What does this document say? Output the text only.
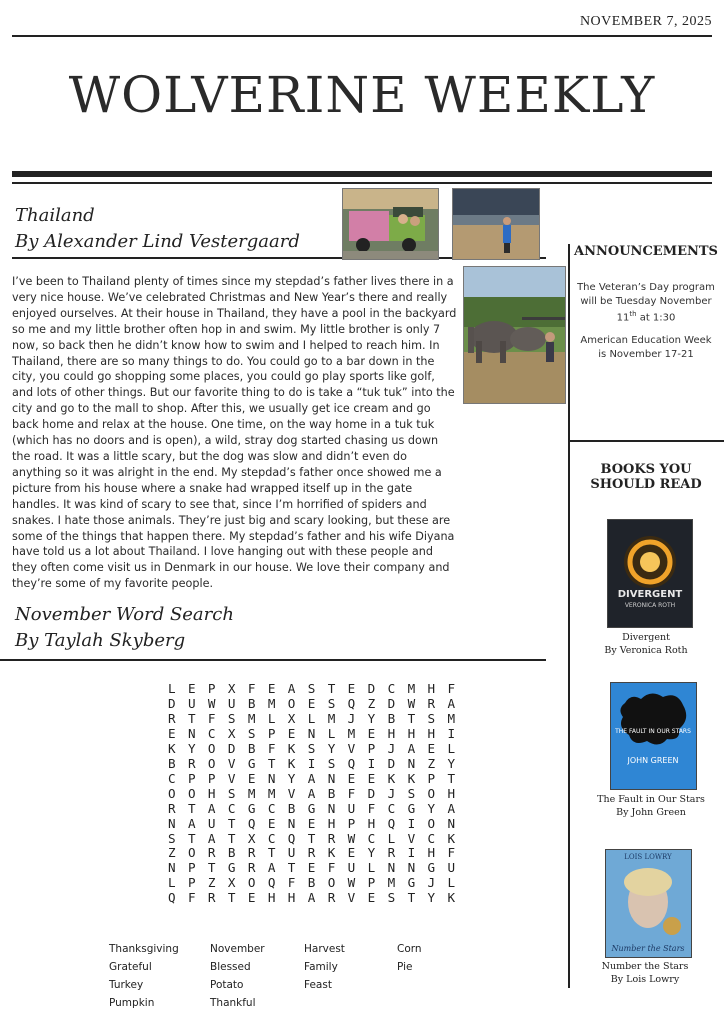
NOVEMBER 7, 2025
WOLVERINE WEEKLY
Thailand
By Alexander Lind Vestergaard
I’ve been to Thailand plenty of times since my stepdad’s father lives there in a very nice house. We’ve celebrated Christmas and New Year’s there and really enjoyed ourselves. At their house in Thailand, they have a pool in the backyard so me and my little brother often hop in and swim. My little brother is only 7 now, so back then he didn’t know how to swim and I helped to reach him. In Thailand, there are so many things to do. You could go to a bar down in the city, you could go shopping some places, you could go play sports like golf, and lots of other things. But our favorite thing to do is take a “tuk tuk” into the city and go to the mall to shop. After this, we usually get ice cream and go back home and relax at the house. One time, on the way home in a tuk tuk (which has no doors and is open), a wild, stray dog started chasing us down the road. It was a little scary, but the dog was slow and didn’t even do anything so it was alright in the end. My stepdad’s father once showed me a picture from his house where a snake had wrapped itself up in the gate handles. It was kind of scary to see that, since I’m horrified of spiders and snakes. I hate those animals. They’re just big and scary looking, but these are some of the things that happen there. My stepdad’s father and his wife Diyana have told us a lot about Thailand. I love hanging out with these people and they often come visit us in Denmark in our house. We love their company and they’re some of my favorite people.
November Word Search
By Taylah Skyberg
L E P X F E A S T E D C M H F
D U W U B M O E S Q Z D W R A
R T F S M L X L M J Y B T S M
E N C X S P E N L M E H H H I
K Y O D B F K S Y V P J A E L
B R O V G T K I S Q I D N Z Y
C P P V E N Y A N E E K K P T
O O H S M M V A B F D J S O H
R T A C G C B G N U F C G Y A
N A U T Q E N E H P H Q I O N
S T A T X C Q T R W C L V C K
Z O R B R T U R K E Y R I H F
N P T G R A T E F U L N N G U
L P Z X O Q F B O W P M G J L
Q F R T E H H A R V E S T Y K
Thanksgiving
Grateful
Turkey
Pumpkin
November
Blessed
Potato
Thankful
Harvest
Family
Feast
Corn
Pie
ANNOUNCEMENTS
The Veteran’s Day program will be Tuesday November
11th at 1:30
American Education Week is November 17-21
BOOKS YOU SHOULD READ
DIVERGENT
VERONICA ROTH
Divergent
By Veronica Roth
THE FAULT IN OUR STARS
JOHN GREEN
The Fault in Our Stars
By John Green
LOIS LOWRY
Number the Stars
Number the Stars
By Lois Lowry
